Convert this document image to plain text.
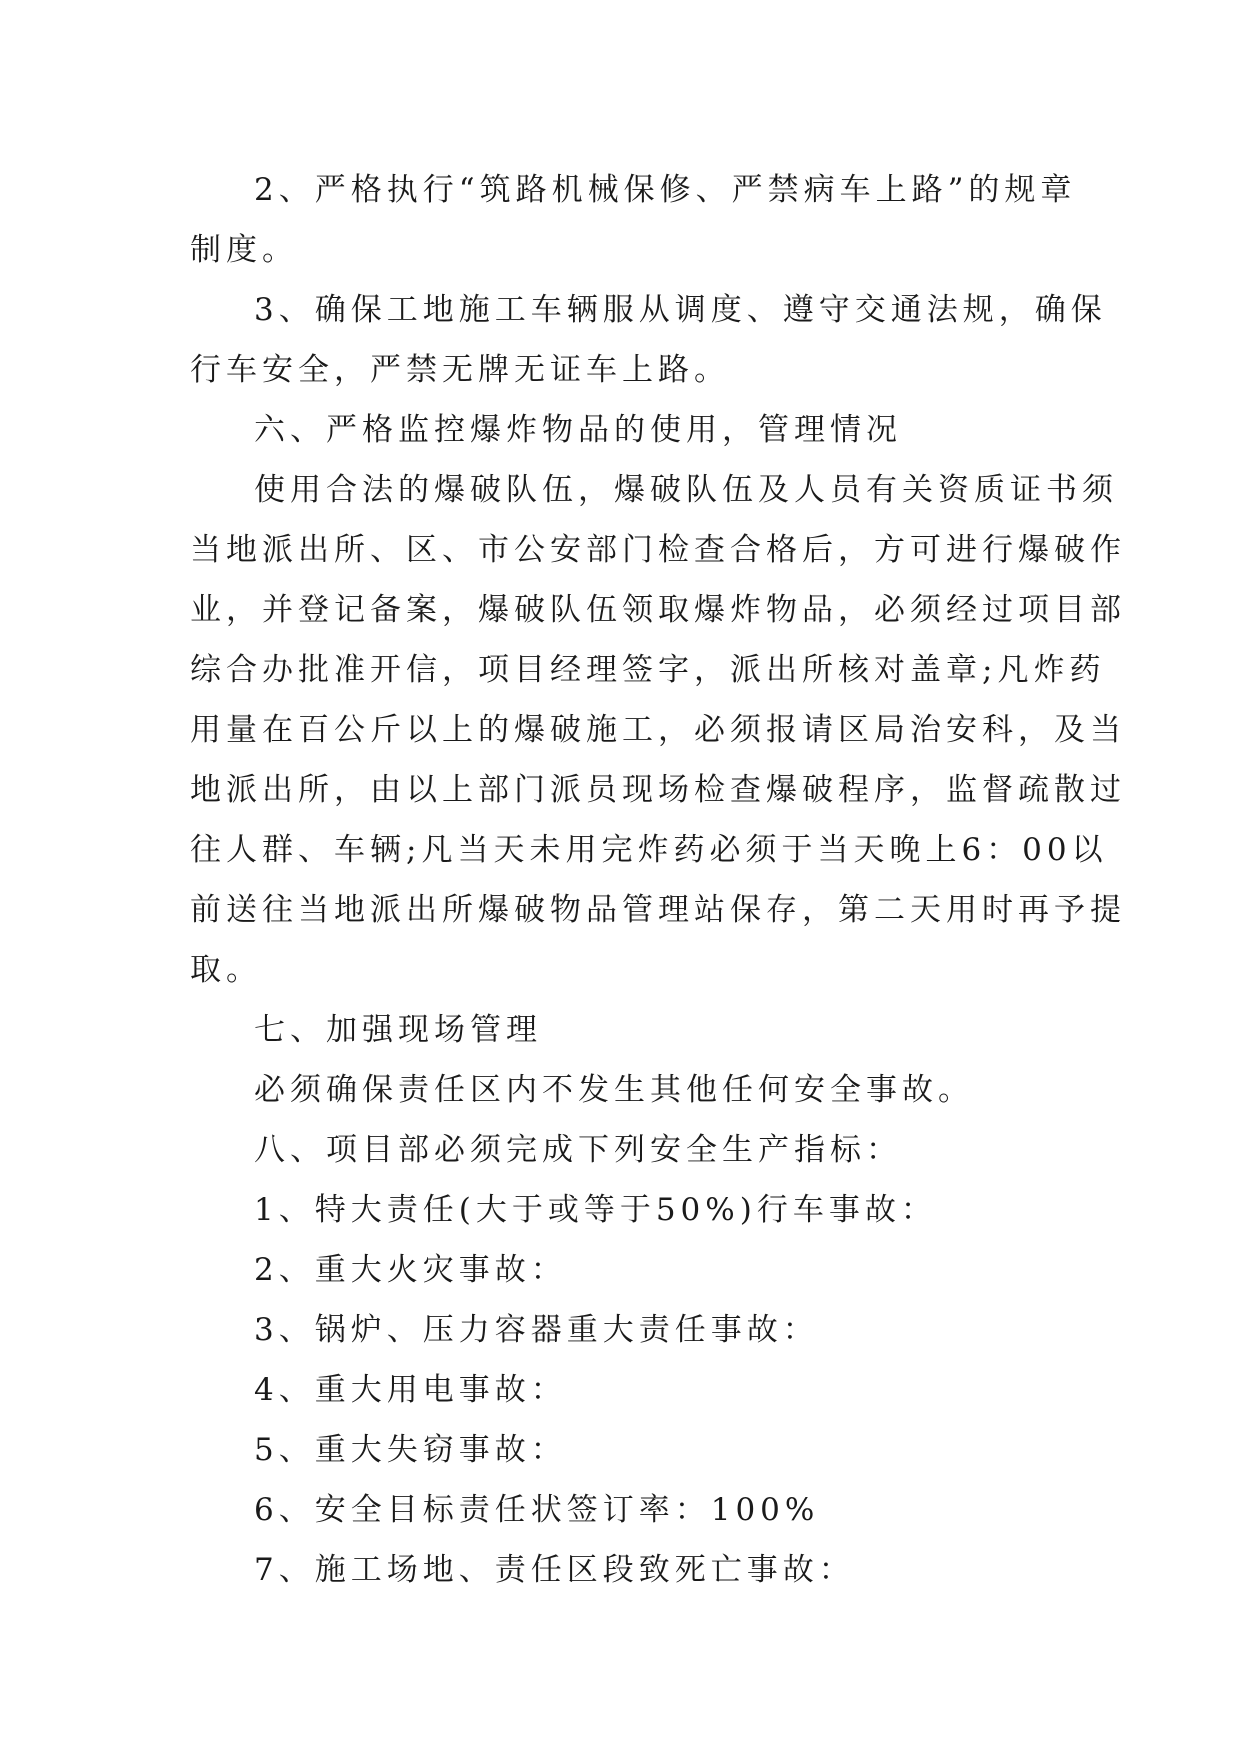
2、严格执行“筑路机械保修、严禁病车上路”的规章
制度。
3、确保工地施工车辆服从调度、遵守交通法规，确保
行车安全，严禁无牌无证车上路。
六、严格监控爆炸物品的使用，管理情况
使用合法的爆破队伍，爆破队伍及人员有关资质证书须
当地派出所、区、市公安部门检查合格后，方可进行爆破作
业，并登记备案，爆破队伍领取爆炸物品，必须经过项目部
综合办批准开信，项目经理签字，派出所核对盖章;凡炸药
用量在百公斤以上的爆破施工，必须报请区局治安科，及当
地派出所，由以上部门派员现场检查爆破程序，监督疏散过
往人群、车辆;凡当天未用完炸药必须于当天晚上6：00以
前送往当地派出所爆破物品管理站保存，第二天用时再予提
取。
七、加强现场管理
必须确保责任区内不发生其他任何安全事故。
八、项目部必须完成下列安全生产指标：
1、特大责任(大于或等于50%)行车事故：
2、重大火灾事故：
3、锅炉、压力容器重大责任事故：
4、重大用电事故：
5、重大失窃事故：
6、安全目标责任状签订率：100%
7、施工场地、责任区段致死亡事故：
